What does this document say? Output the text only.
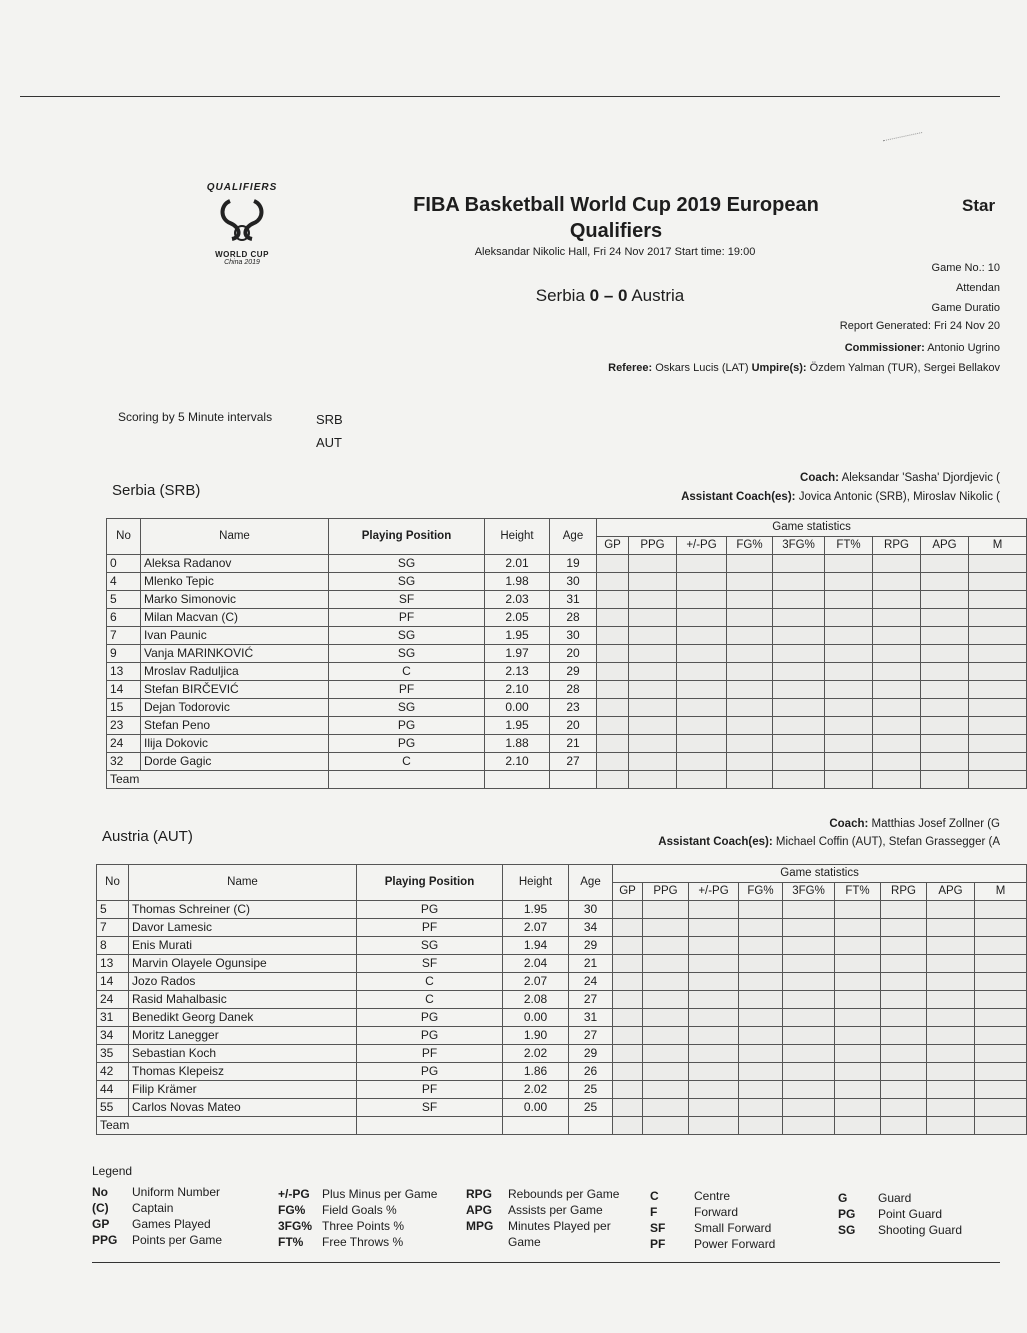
QUALIFIERS
WORLD CUP
China 2019
FIBA Basketball World Cup 2019 European
Qualifiers
Aleksandar Nikolic Hall, Fri 24 Nov 2017 Start time: 19:00
Serbia 0 – 0 Austria
Star
Game No.: 10
Attendan
Game Duratio
Report Generated: Fri 24 Nov 20
Commissioner: Antonio Ugrino
Referee: Oskars Lucis (LAT) Umpire(s): Özdem Yalman (TUR), Sergei Bellakov
Scoring by 5 Minute intervals	SRB
AUT
Coach: Aleksandar 'Sasha' Djordjevic (
Serbia (SRB)	Assistant Coach(es): Jovica Antonic (SRB), Miroslav Nikolic (
No	Name	Playing Position	Height	Age	Game statistics								
					GP	PPG	+/-PG	FG%	3FG%	FT%	RPG	APG	M
0	Aleksa Radanov	SG	2.01	19									
4	Mlenko Tepic	SG	1.98	30									
5	Marko Simonovic	SF	2.03	31									
6	Milan Macvan (C)	PF	2.05	28									
7	Ivan Paunic	SG	1.95	30									
9	Vanja MARINKOVIĆ	SG	1.97	20									
13	Mroslav Raduljica	C	2.13	29									
14	Stefan BIRČEVIĆ	PF	2.10	28									
15	Dejan Todorovic	SG	0.00	23									
23	Stefan Peno	PG	1.95	20									
24	Ilija Dokovic	PG	1.88	21									
32	Dorde Gagic	C	2.10	27									
Team													
Coach: Matthias Josef Zollner (G
Austria (AUT)	Assistant Coach(es): Michael Coffin (AUT), Stefan Grassegger (A
No	Name	Playing Position	Height	Age	Game statistics								
					GP	PPG	+/-PG	FG%	3FG%	FT%	RPG	APG	M
5	Thomas Schreiner (C)	PG	1.95	30									
7	Davor Lamesic	PF	2.07	34									
8	Enis Murati	SG	1.94	29									
13	Marvin Olayele Ogunsipe	SF	2.04	21									
14	Jozo Rados	C	2.07	24									
24	Rasid Mahalbasic	C	2.08	27									
31	Benedikt Georg Danek	PG	0.00	31									
34	Moritz Lanegger	PG	1.90	27									
35	Sebastian Koch	PF	2.02	29									
42	Thomas Klepeisz	PG	1.86	26									
44	Filip Krämer	PF	2.02	25									
55	Carlos Novas Mateo	SF	0.00	25									
Team													
Legend
No Uniform Number
(C) Captain
GP Games Played
PPG Points per Game
+/-PG Plus Minus per Game
FG% Field Goals %
3FG% Three Points %
FT% Free Throws %
RPG Rebounds per Game
APG Assists per Game
MPG Minutes Played per
Game
C	Centre
F	Forward
SF Small Forward
PF Power Forward
G	Guard
PG Point Guard
SG Shooting Guard
